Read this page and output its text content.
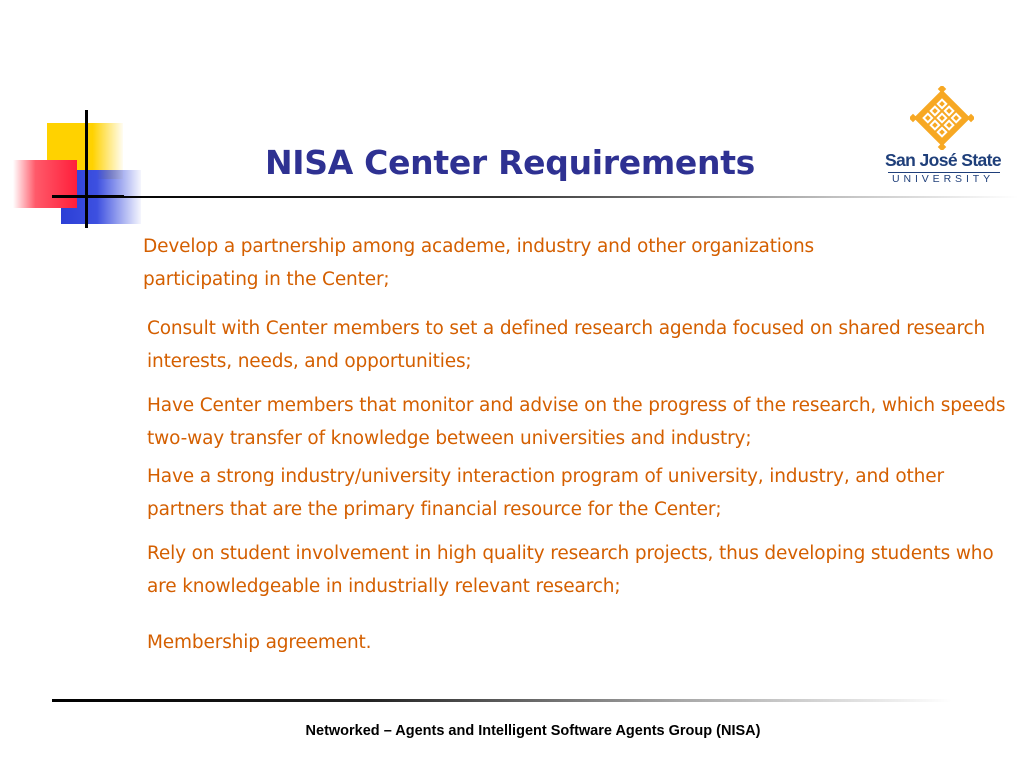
NISA Center Requirements	San José State
UNIVERSITY

Develop a partnership among academe, industry and other organizations participating in the Center;

Consult with Center members to set a defined research agenda focused on shared research interests, needs, and opportunities;

Have Center members that monitor and advise on the progress of the research, which speeds two-way transfer of knowledge between universities and industry;

Have a strong industry/university interaction program of university, industry, and other partners that are the primary financial resource for the Center;

Rely on student involvement in high quality research projects, thus developing students who are knowledgeable in industrially relevant research;

Membership agreement.

Networked – Agents and Intelligent Software Agents Group (NISA)
